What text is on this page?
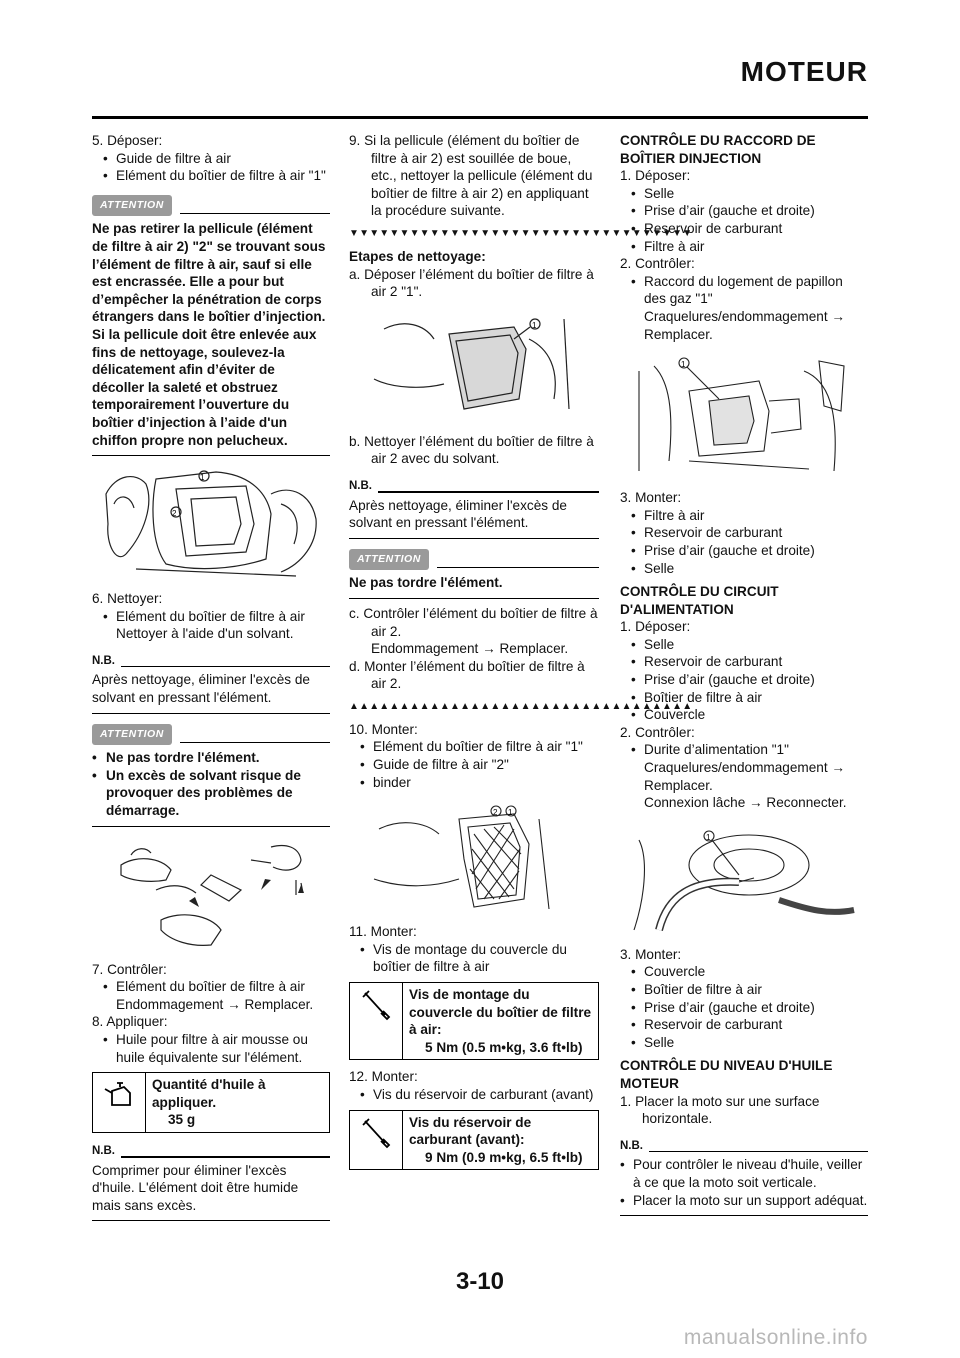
MOTEUR
5. Déposer:
• Guide de filtre à air
• Elément du boîtier de filtre à air "1"
ATTENTION
Ne pas retirer la pellicule (élément de filtre à air 2) "2" se trouvant sous l’élément de filtre à air, sauf si elle est encrassée. Elle a pour but d’empêcher la pénétration de corps étrangers dans le boîtier d’injection. Si la pellicule doit être enlevée aux fins de nettoyage, soulevez-la délicatement afin d’éviter de décoller la saleté et obstruez temporairement l’ouverture du boîtier d’injection à l’aide d'un chiffon propre non pelucheux.
1
2
6. Nettoyer:
• Elément du boîtier de filtre à air
Nettoyer à l'aide d'un solvant.
N.B.
Après nettoyage, éliminer l'excès de solvant en pressant l'élément.
ATTENTION
• Ne pas tordre l'élément.
• Un excès de solvant risque de provoquer des problèmes de démarrage.
7. Contrôler:
• Elément du boîtier de filtre à air
Endommagement → Remplacer.
8. Appliquer:
• Huile pour filtre à air mousse ou huile équivalente sur l'élément.
Quantité d'huile à appliquer.
35 g
N.B.
Comprimer pour éliminer l'excès d'huile. L'élément doit être humide mais sans excès.
9. Si la pellicule (élément du boîtier de filtre à air 2) est souillée de boue, etc., nettoyer la pellicule (élément du boîtier de filtre à air 2) en appliquant la procédure suivante.
▼▼▼▼▼▼▼▼▼▼▼▼▼▼▼▼▼▼▼▼▼▼▼▼▼▼▼▼▼▼▼▼▼▼
Etapes de nettoyage:
a. Déposer l’élément du boîtier de filtre à air 2 "1".
1
b. Nettoyer l’élément du boîtier de filtre à air 2 avec du solvant.
N.B.
Après nettoyage, éliminer l'excès de solvant en pressant l'élément.
ATTENTION
Ne pas tordre l'élément.
c. Contrôler l’élément du boîtier de filtre à air 2.
Endommagement → Remplacer.
d. Monter l’élément du boîtier de filtre à air 2.
▲▲▲▲▲▲▲▲▲▲▲▲▲▲▲▲▲▲▲▲▲▲▲▲▲▲▲▲▲▲▲▲▲▲
10. Monter:
• Elément du boîtier de filtre à air "1"
• Guide de filtre à air "2"
• binder
2 1
11. Monter:
• Vis de montage du couvercle du boîtier de filtre à air
Vis de montage du couvercle du boîtier de filtre à air:
5 Nm (0.5 m•kg, 3.6 ft•lb)
12. Monter:
• Vis du réservoir de carburant (avant)
Vis du réservoir de carburant (avant):
9 Nm (0.9 m•kg, 6.5 ft•lb)
CONTRÔLE DU RACCORD DE BOÎTIER DINJECTION
1. Déposer:
• Selle
• Prise d’air (gauche et droite)
• Reservoir de carburant
• Filtre à air
2. Contrôler:
• Raccord du logement de papillon des gaz "1"
Craquelures/endommagement → Remplacer.
1
3. Monter:
• Filtre à air
• Reservoir de carburant
• Prise d’air (gauche et droite)
• Selle
CONTRÔLE DU CIRCUIT D'ALIMENTATION
1. Déposer:
• Selle
• Reservoir de carburant
• Prise d’air (gauche et droite)
• Boîtier de filtre à air
• Couvercle
2. Contrôler:
• Durite d’alimentation "1"
Craquelures/endommagement → Remplacer.
Connexion lâche → Reconnecter.
1
3. Monter:
• Couvercle
• Boîtier de filtre à air
• Prise d’air (gauche et droite)
• Reservoir de carburant
• Selle
CONTRÔLE DU NIVEAU D'HUILE MOTEUR
1. Placer la moto sur une surface horizontale.
N.B.
• Pour contrôler le niveau d'huile, veiller à ce que la moto soit verticale.
• Placer la moto sur un support adéquat.
3-10
manualsonline.info
